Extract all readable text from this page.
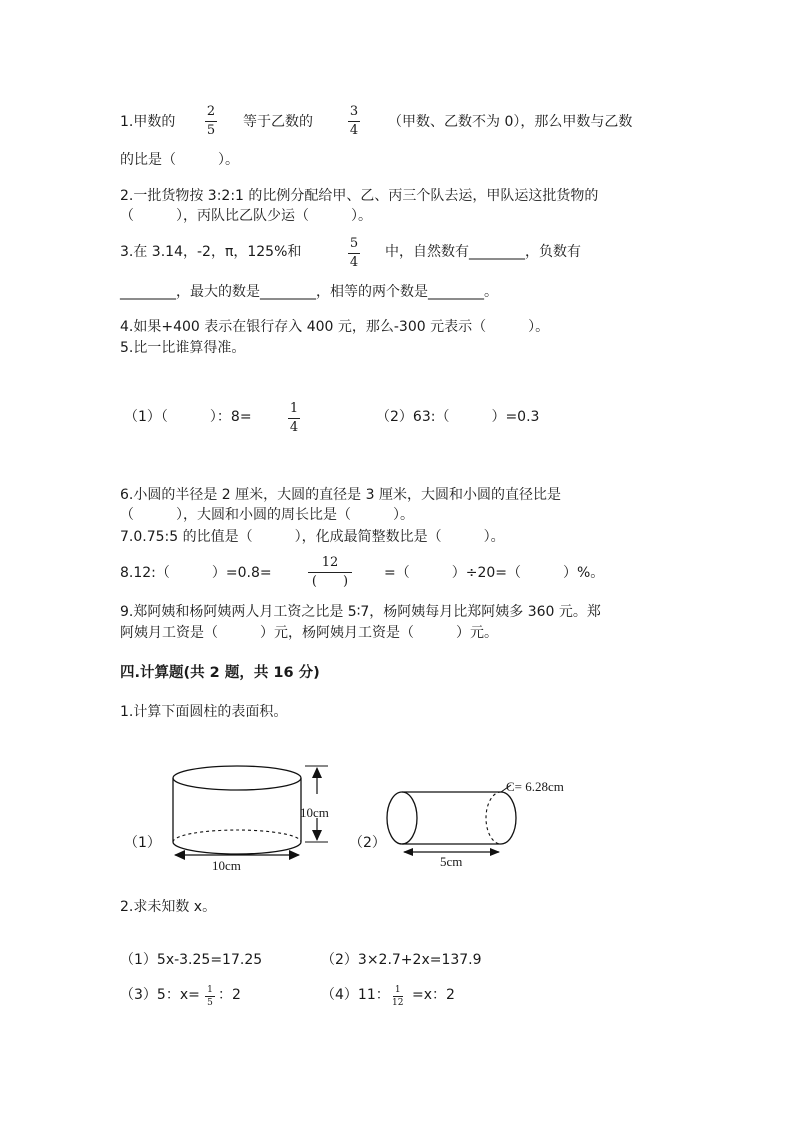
1.甲数的
2
5
等于乙数的
3
4
（甲数、乙数不为 0），那么甲数与乙数
的比是（　　　）。
2.一批货物按 3:2:1 的比例分配给甲、乙、丙三个队去运，甲队运这批货物的
（　　　），丙队比乙队少运（　　　）。
3.在 3.14，-2，π，125%和
5
4
中，自然数有________，负数有
________，最大的数是________，相等的两个数是________。
4.如果+400 表示在银行存入 400 元，那么-300 元表示（　　　）。
5.比一比谁算得准。
（1）（　　　）：8=
1
4
（2）63:（　　　）=0.3
6.小圆的半径是 2 厘米，大圆的直径是 3 厘米，大圆和小圆的直径比是
（　　　），大圆和小圆的周长比是（　　　）。
7.0.75:5 的比值是（　　　），化成最简整数比是（　　　）。
8.12:（　　　）=0.8=
12
(　　)
=（　　　）÷20=（　　　）%。
9.郑阿姨和杨阿姨两人月工资之比是 5∶7，杨阿姨每月比郑阿姨多 360 元。郑
阿姨月工资是（　　　）元，杨阿姨月工资是（　　　）元。
四.计算题(共 2 题，共 16 分)
1.计算下面圆柱的表面积。
（1）
10cm
10cm
（2）
C= 6.28cm
5cm
2.求未知数 x。
（1）5x-3.25=17.25	（2）3×2.7+2x=137.9
（3）5：x= 1
5 ：2	（4）11： 1
12 =x：2
